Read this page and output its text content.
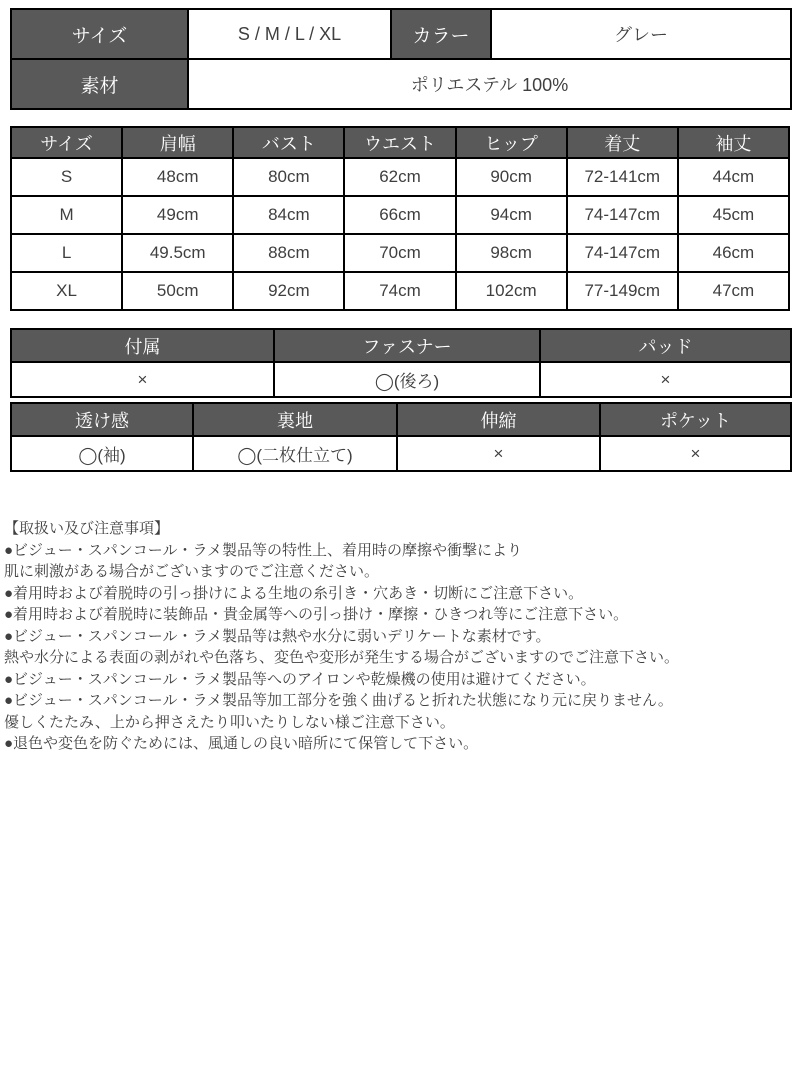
サイズ	S / M / L / XL	カラー	グレー
素材	ポリエステル 100%		
サイズ	肩幅	バスト	ウエスト	ヒップ	着丈	袖丈
S	48cm	80cm	62cm	90cm	72-141cm	44cm
M	49cm	84cm	66cm	94cm	74-147cm	45cm
L	49.5cm	88cm	70cm	98cm	74-147cm	46cm
XL	50cm	92cm	74cm	102cm	77-149cm	47cm
付属	ファスナー	パッド
×	◯(後ろ)	×
透け感	裏地	伸縮	ポケット
◯(袖)	◯(二枚仕立て)	×	×
【取扱い及び注意事項】
●ビジュー・スパンコール・ラメ製品等の特性上、着用時の摩擦や衝撃により
肌に刺激がある場合がございますのでご注意ください。
●着用時および着脱時の引っ掛けによる生地の糸引き・穴あき・切断にご注意下さい。
●着用時および着脱時に装飾品・貴金属等への引っ掛け・摩擦・ひきつれ等にご注意下さい。
●ビジュー・スパンコール・ラメ製品等は熱や水分に弱いデリケートな素材です。
熱や水分による表面の剥がれや色落ち、変色や変形が発生する場合がございますのでご注意下さい。
●ビジュー・スパンコール・ラメ製品等へのアイロンや乾燥機の使用は避けてください。
●ビジュー・スパンコール・ラメ製品等加工部分を強く曲げると折れた状態になり元に戻りません。
優しくたたみ、上から押さえたり叩いたりしない様ご注意下さい。
●退色や変色を防ぐためには、風通しの良い暗所にて保管して下さい。
